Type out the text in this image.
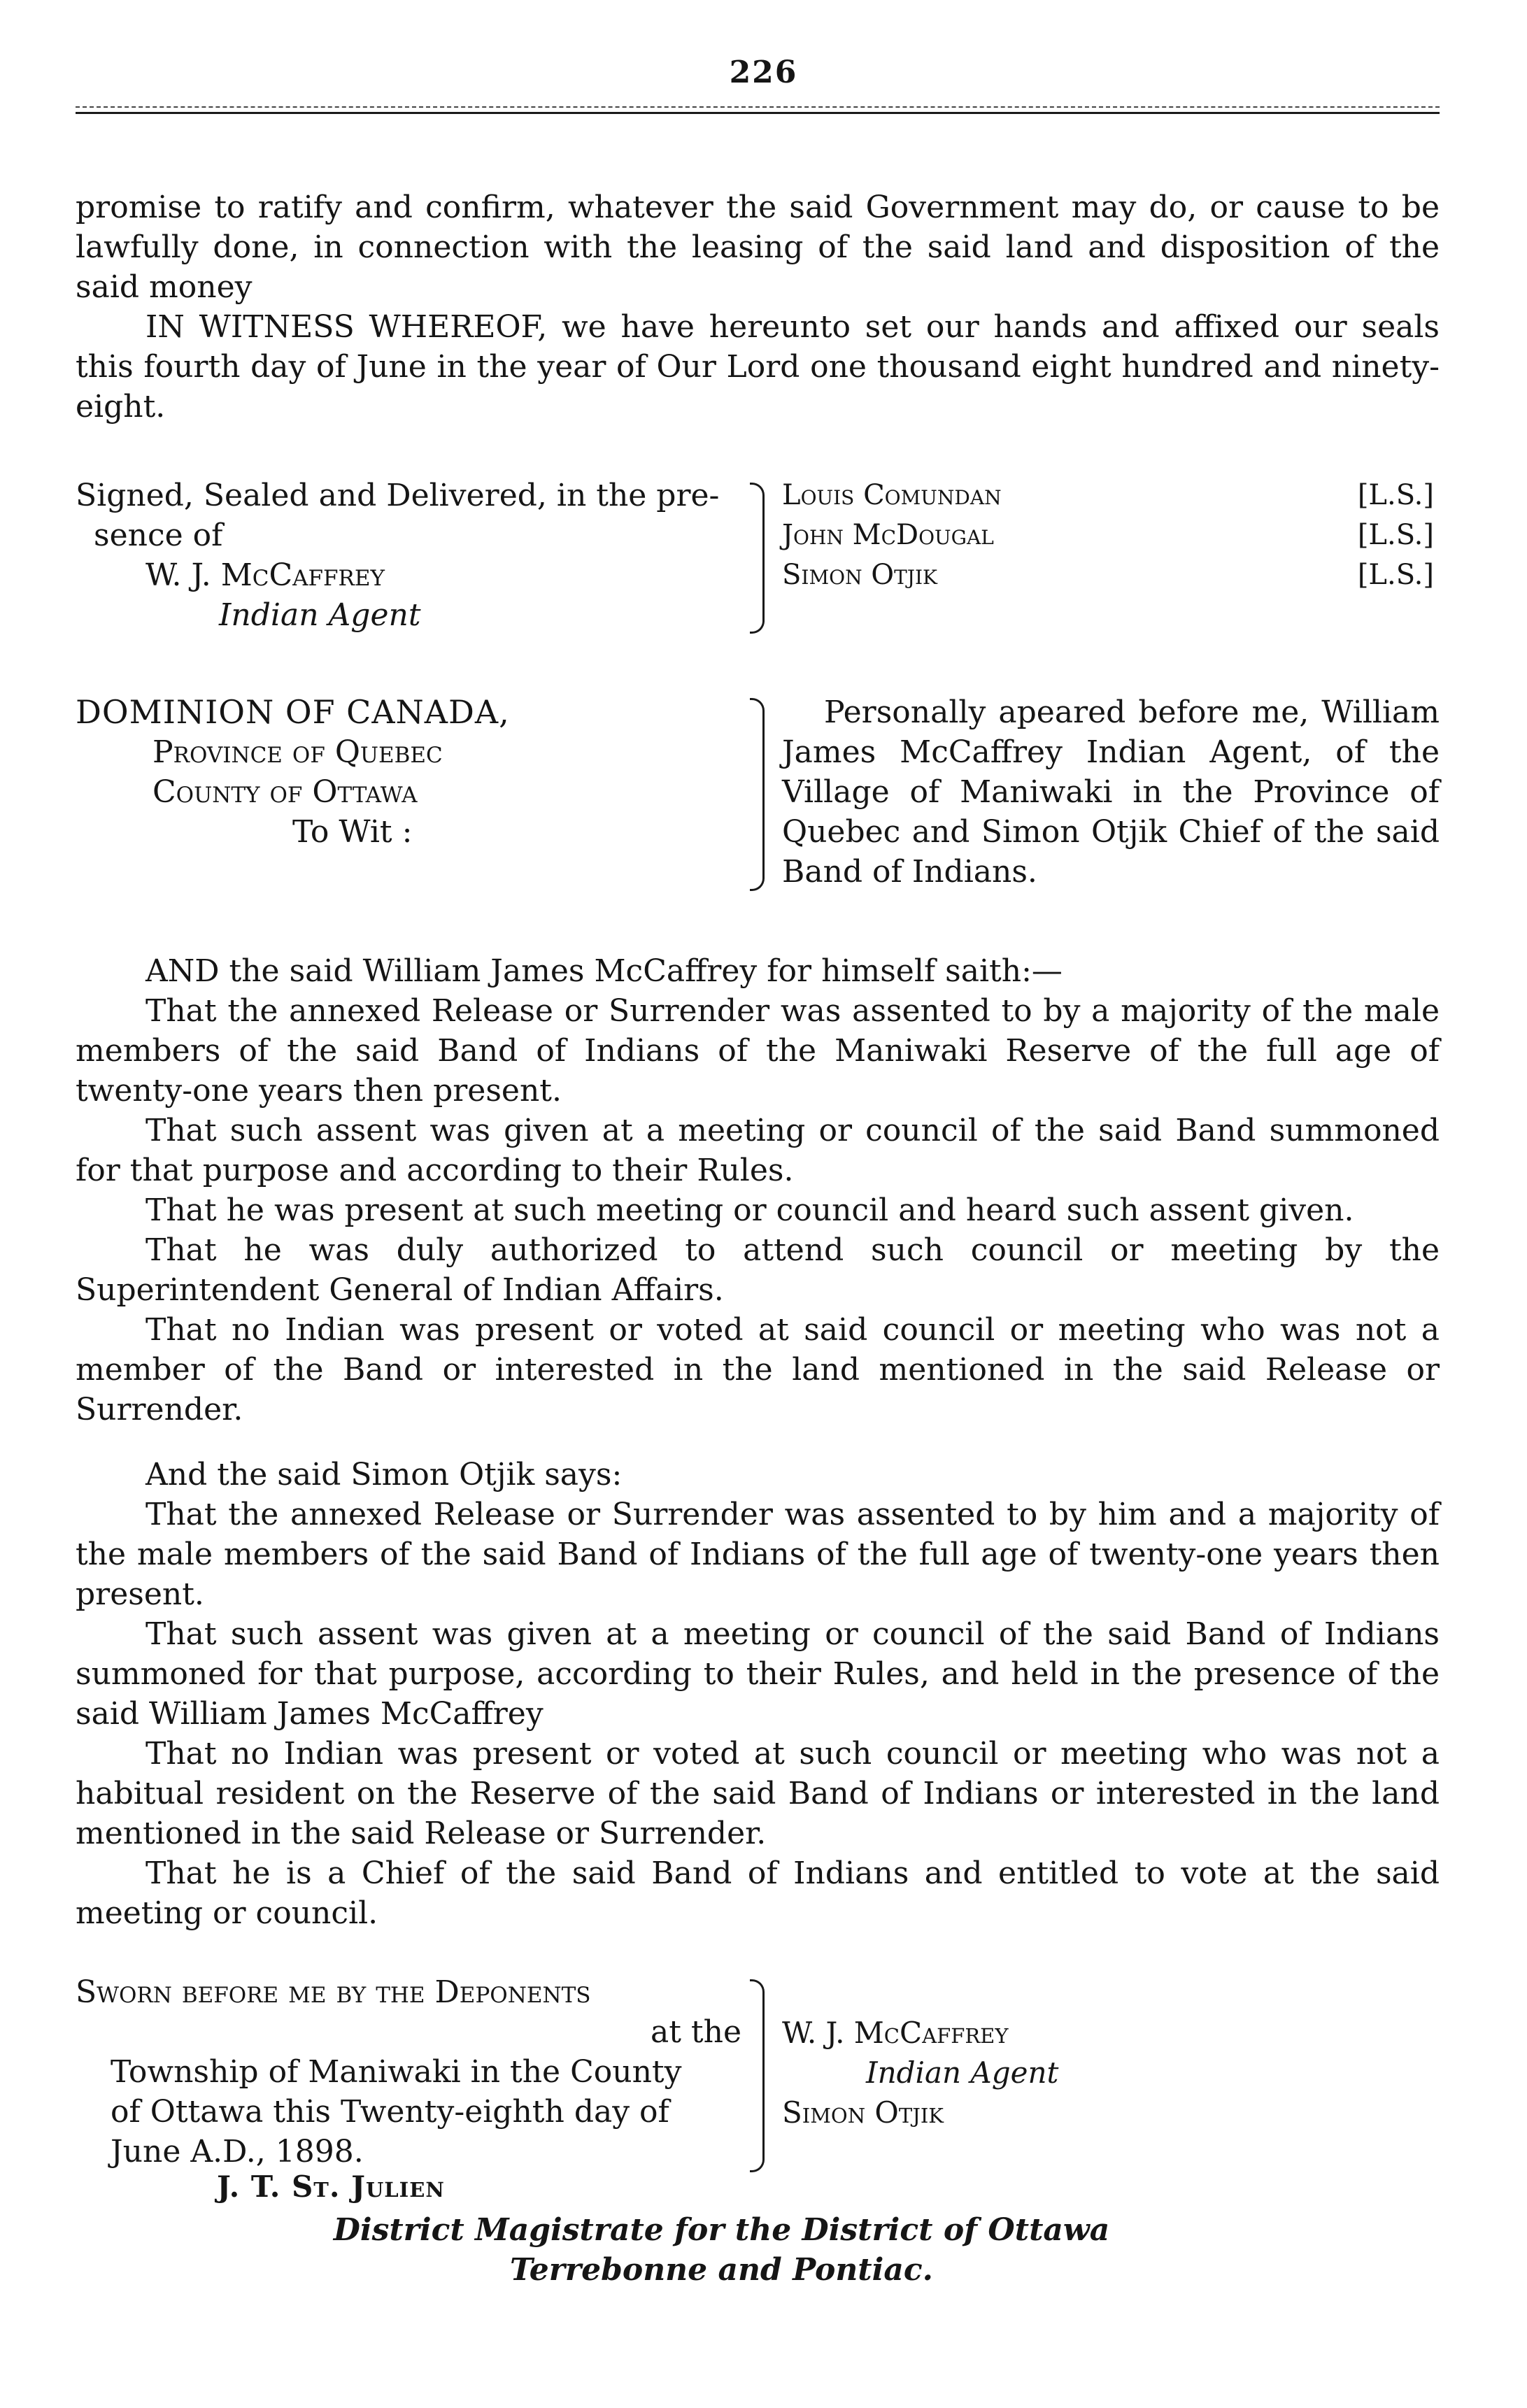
226

promise to ratify and confirm, whatever the said Government may do, or cause to be lawfully done, in connection with the leasing of the said land and disposition of the said money

IN WITNESS WHEREOF, we have hereunto set our hands and affixed our seals this fourth day of June in the year of Our Lord one thousand eight hundred and ninety-eight.

Signed, Sealed and Delivered, in the pre-
sence of
W. J. McCaffrey
Indian Agent
Louis Comundan
John McDougal
Simon Otjik
[L.S.]
[L.S.]
[L.S.]
DOMINION OF CANADA,
Province of Quebec
County of Ottawa
To Wit :

Personally apeared before me, William James McCaffrey Indian Agent, of the Village of Maniwaki in the Province of Quebec and Simon Otjik Chief of the said Band of Indians.

AND the said William James McCaffrey for himself saith:—

That the annexed Release or Surrender was assented to by a majority of the male members of the said Band of Indians of the Maniwaki Reserve of the full age of twenty-one years then present.

That such assent was given at a meeting or council of the said Band summoned for that purpose and according to their Rules.

That he was present at such meeting or council and heard such assent given.

That he was duly authorized to attend such council or meeting by the Superintendent General of Indian Affairs.

That no Indian was present or voted at said council or meeting who was not a member of the Band or interested in the land mentioned in the said Release or Surrender.

And the said Simon Otjik says:

That the annexed Release or Surrender was assented to by him and a majority of the male members of the said Band of Indians of the full age of twenty-one years then present.

That such assent was given at a meeting or council of the said Band of Indians summoned for that purpose, according to their Rules, and held in the presence of the said William James McCaffrey

That no Indian was present or voted at such council or meeting who was not a habitual resident on the Reserve of the said Band of Indians or interested in the land mentioned in the said Release or Surrender.

That he is a Chief of the said Band of Indians and entitled to vote at the said meeting or council.

Sworn before me by the Deponents
at the
Township of Maniwaki in the County
of Ottawa this Twenty-eighth day of
June A.D., 1898.
W. J. McCaffrey
Indian Agent
Simon Otjik
J. T. St. Julien
District Magistrate for the District of Ottawa
Terrebonne and Pontiac.
